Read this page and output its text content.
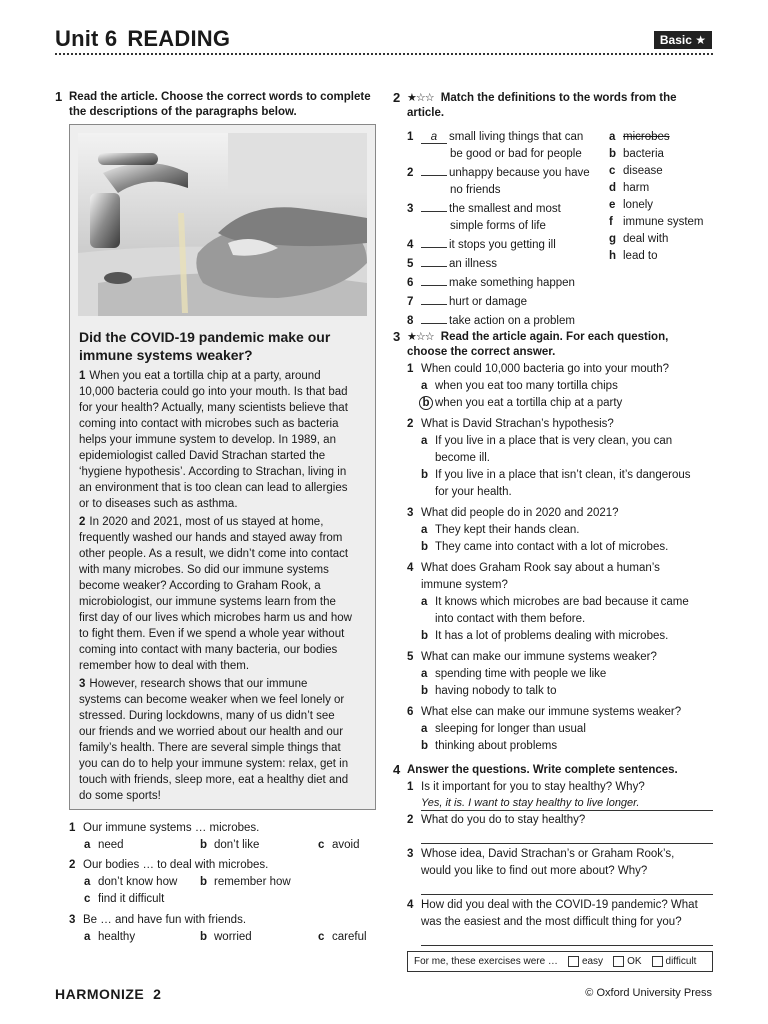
Unit 6 READING	Basic ★
1 Read the article. Choose the correct words to complete
the descriptions of the paragraphs below.
Did the COVID-19 pandemic make our
immune systems weaker?
1 When you eat a tortilla chip at a party, around
10,000 bacteria could go into your mouth. Is that bad
for your health? Actually, many scientists believe that
coming into contact with microbes such as bacteria
helps your immune system to develop. In 1989, an
epidemiologist called David Strachan started the
‘hygiene hypothesis’. According to Strachan, living in
an environment that is too clean can lead to allergies
or to diseases such as asthma.
2 In 2020 and 2021, most of us stayed at home,
frequently washed our hands and stayed away from
other people. As a result, we didn’t come into contact
with many microbes. So did our immune systems
become weaker? According to Graham Rook, a
microbiologist, our immune systems learn from the
first day of our lives which microbes harm us and how
to fight them. Even if we spend a whole year without
coming into contact with many bacteria, our bodies
remember how to deal with them.
3 However, research shows that our immune
systems can become weaker when we feel lonely or
stressed. During lockdowns, many of us didn’t see
our friends and we worried about our health and our
family’s health. There are several simple things that
you can do to help your immune system: relax, get in
touch with friends, sleep more, eat a healthy diet and
do some sports!
1 Our immune systems … microbes.
a need	b don’t like	c avoid
2 Our bodies … to deal with microbes.
a don’t know how b remember how
c find it difficult
3 Be … and have fun with friends.
a healthy	b worried	c careful
2 ★☆☆ Match the definitions to the words from the
article.
1 a small living things that can
be good or bad for people
2	unhappy because you have
no friends
3	the smallest and most
simple forms of life
4	it stops you getting ill
5	an illness
6	make something happen
7	hurt or damage
8	take action on a problem
a microbes
b bacteria
c disease
d harm
e lonely
f immune system
g deal with
h lead to
3 ★☆☆ Read the article again. For each question,
choose the correct answer.
1 When could 10,000 bacteria go into your mouth?
a when you eat too many tortilla chips
b when you eat a tortilla chip at a party
2 What is David Strachan’s hypothesis?
a If you live in a place that is very clean, you can
become ill.
b If you live in a place that isn’t clean, it’s dangerous
for your health.
3 What did people do in 2020 and 2021?
a They kept their hands clean.
b They came into contact with a lot of microbes.
4 What does Graham Rook say about a human’s
immune system?
a It knows which microbes are bad because it came
into contact with them before.
b It has a lot of problems dealing with microbes.
5 What can make our immune systems weaker?
a spending time with people we like
b having nobody to talk to
6 What else can make our immune systems weaker?
a sleeping for longer than usual
b thinking about problems
4 Answer the questions. Write complete sentences.
1 Is it important for you to stay healthy? Why?
Yes, it is. I want to stay healthy to live longer.
2 What do you do to stay healthy?
3 Whose idea, David Strachan’s or Graham Rook’s,
would you like to find out more about? Why?
4 How did you deal with the COVID-19 pandemic? What
was the easiest and the most difficult thing for you?
For me, these exercises were … easy OK difficult
HARMONIZE 2	© Oxford University Press
